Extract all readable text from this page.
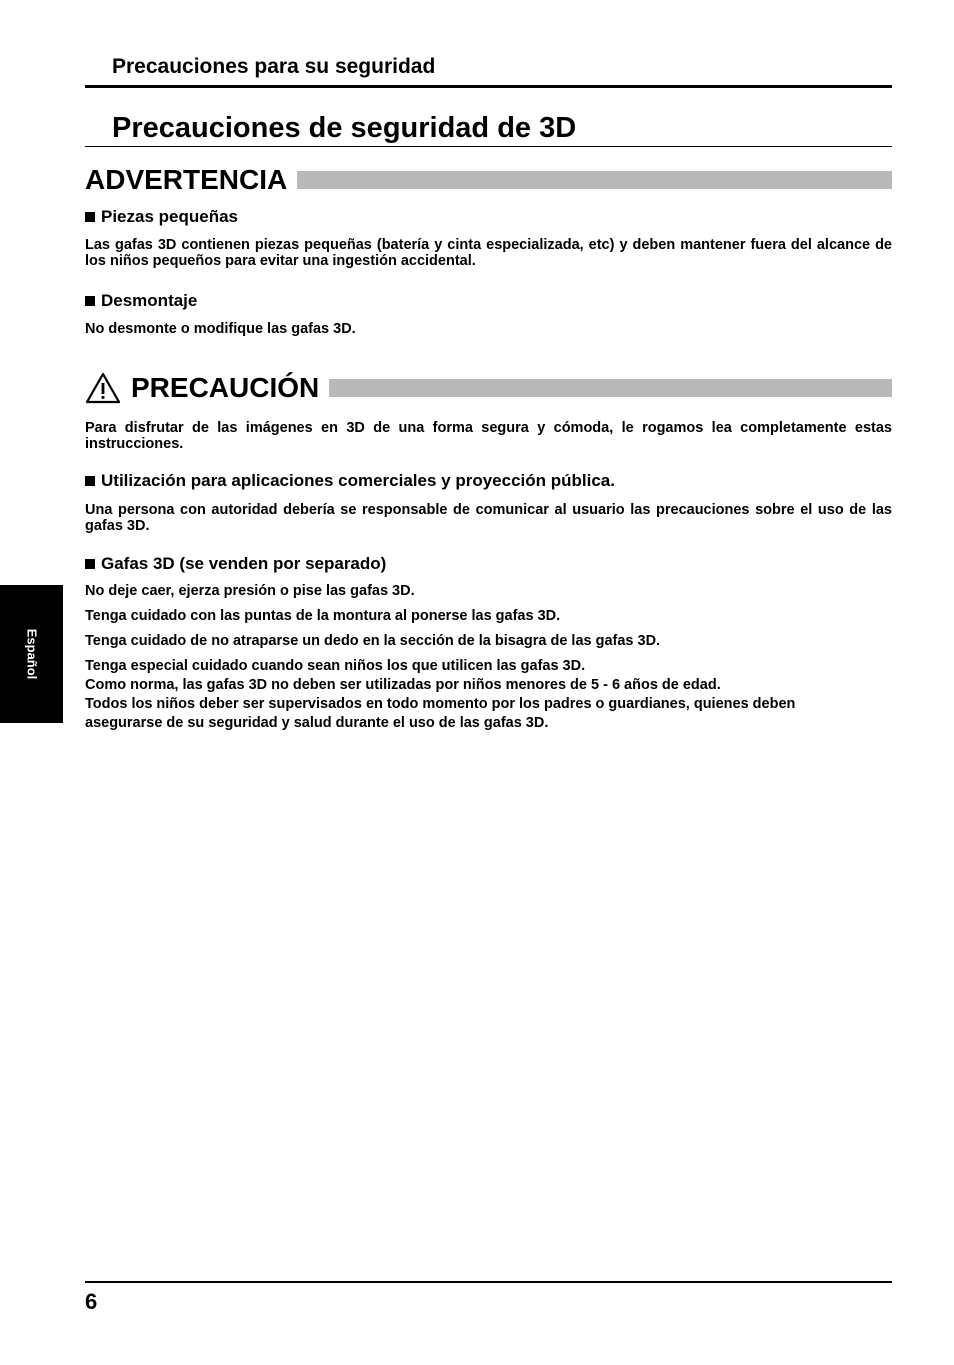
Precauciones para su seguridad
Precauciones de seguridad de 3D
ADVERTENCIA
Piezas pequeñas
Las gafas 3D contienen piezas pequeñas (batería y cinta especializada, etc) y deben mantener fuera del alcance de los niños pequeños para evitar una ingestión accidental.
Desmontaje
No desmonte o modifique las gafas 3D.
PRECAUCIÓN
Para disfrutar de las imágenes en 3D de una forma segura y cómoda, le rogamos lea completamente estas instrucciones.
Utilización para aplicaciones comerciales y proyección pública.
Una persona con autoridad debería se responsable de comunicar al usuario las precauciones sobre el uso de las gafas 3D.
Gafas 3D (se venden por separado)
No deje caer, ejerza presión o pise las gafas 3D.
Tenga cuidado con las puntas de la montura al ponerse las gafas 3D.
Tenga cuidado de no atraparse un dedo en la sección de la bisagra de las gafas 3D.
Tenga especial cuidado cuando sean niños los que utilicen las gafas 3D.
Como norma, las gafas 3D no deben ser utilizadas por niños menores de 5 - 6 años de edad.
Todos los niños deber ser supervisados en todo momento por los padres o guardianes, quienes deben
asegurarse de su seguridad y salud durante el uso de las gafas 3D.
Español
6
